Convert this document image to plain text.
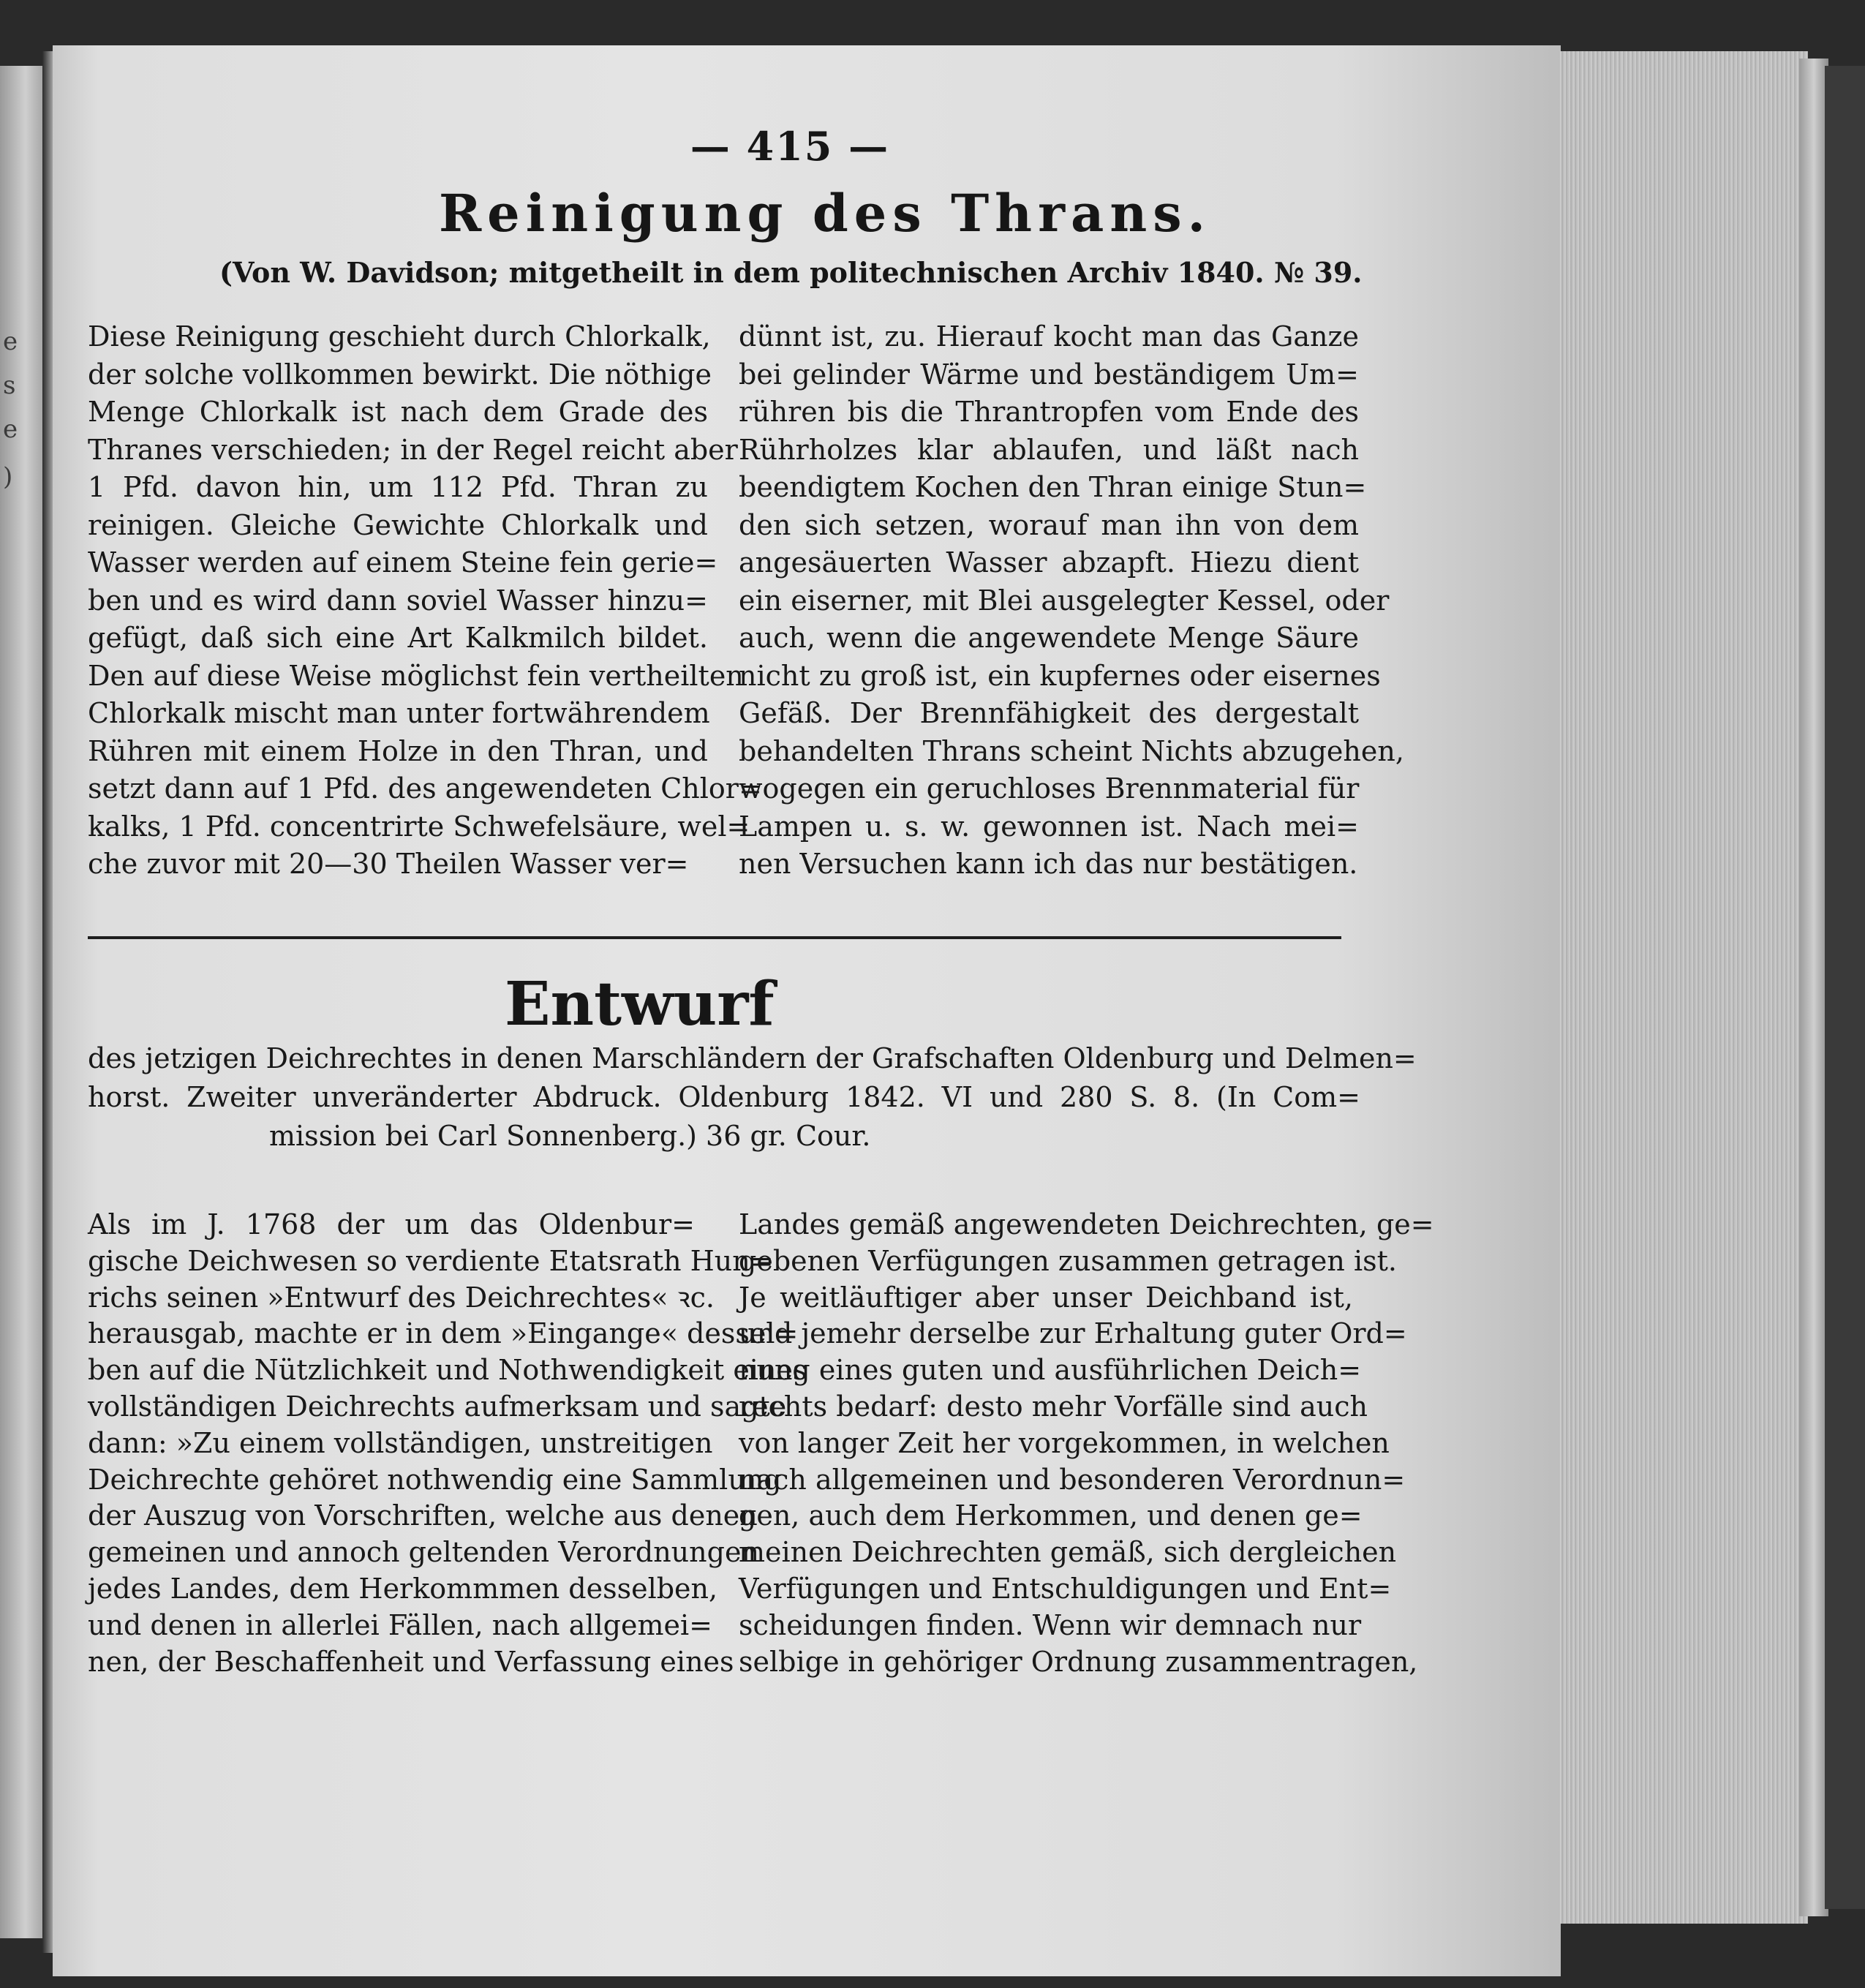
e
s
e
)
— 415 —
Reinigung des Thrans.
(Von W. Davidson; mitgetheilt in dem politechnischen Archiv 1840. № 39.
Diese Reinigung geschieht durch Chlorkalk,
der solche vollkommen bewirkt. Die nöthige
Menge Chlorkalk ist nach dem Grade des
Thranes verschieden; in der Regel reicht aber
1 Pfd. davon hin, um 112 Pfd. Thran zu
reinigen. Gleiche Gewichte Chlorkalk und
Wasser werden auf einem Steine fein gerie=
ben und es wird dann soviel Wasser hinzu=
gefügt, daß sich eine Art Kalkmilch bildet.
Den auf diese Weise möglichst fein vertheilten
Chlorkalk mischt man unter fortwährendem
Rühren mit einem Holze in den Thran, und
setzt dann auf 1 Pfd. des angewendeten Chlor=
kalks, 1 Pfd. concentrirte Schwefelsäure, wel=
che zuvor mit 20—30 Theilen Wasser ver=
dünnt ist, zu. Hierauf kocht man das Ganze
bei gelinder Wärme und beständigem Um=
rühren bis die Thrantropfen vom Ende des
Rührholzes klar ablaufen, und läßt nach
beendigtem Kochen den Thran einige Stun=
den sich setzen, worauf man ihn von dem
angesäuerten Wasser abzapft. Hiezu dient
ein eiserner, mit Blei ausgelegter Kessel, oder
auch, wenn die angewendete Menge Säure
nicht zu groß ist, ein kupfernes oder eisernes
Gefäß. Der Brennfähigkeit des dergestalt
behandelten Thrans scheint Nichts abzugehen,
wogegen ein geruchloses Brennmaterial für
Lampen u. s. w. gewonnen ist. Nach mei=
nen Versuchen kann ich das nur bestätigen.
Entwurf
des jetzigen Deichrechtes in denen Marschländern der Grafschaften Oldenburg und Delmen=
horst. Zweiter unveränderter Abdruck. Oldenburg 1842. VI und 280 S. 8. (In Com=
mission bei Carl Sonnenberg.) 36 gr. Cour.
Als im J. 1768 der um das Oldenbur=
gische Deichwesen so verdiente Etatsrath Hun=
richs seinen »Entwurf des Deichrechtes« ꝛc.
herausgab, machte er in dem »Eingange« dessel=
ben auf die Nützlichkeit und Nothwendigkeit eines
vollständigen Deichrechts aufmerksam und sagte
dann: »Zu einem vollständigen, unstreitigen
Deichrechte gehöret nothwendig eine Sammlung
der Auszug von Vorschriften, welche aus denen
gemeinen und annoch geltenden Verordnungen
jedes Landes, dem Herkommmen desselben,
und denen in allerlei Fällen, nach allgemei=
nen, der Beschaffenheit und Verfassung eines
Landes gemäß angewendeten Deichrechten, ge=
gebenen Verfügungen zusammen getragen ist.
Je weitläuftiger aber unser Deichband ist,
und jemehr derselbe zur Erhaltung guter Ord=
nung eines guten und ausführlichen Deich=
rechts bedarf: desto mehr Vorfälle sind auch
von langer Zeit her vorgekommen, in welchen
nach allgemeinen und besonderen Verordnun=
gen, auch dem Herkommen, und denen ge=
meinen Deichrechten gemäß, sich dergleichen
Verfügungen und Entschuldigungen und Ent=
scheidungen finden. Wenn wir demnach nur
selbige in gehöriger Ordnung zusammentragen,
